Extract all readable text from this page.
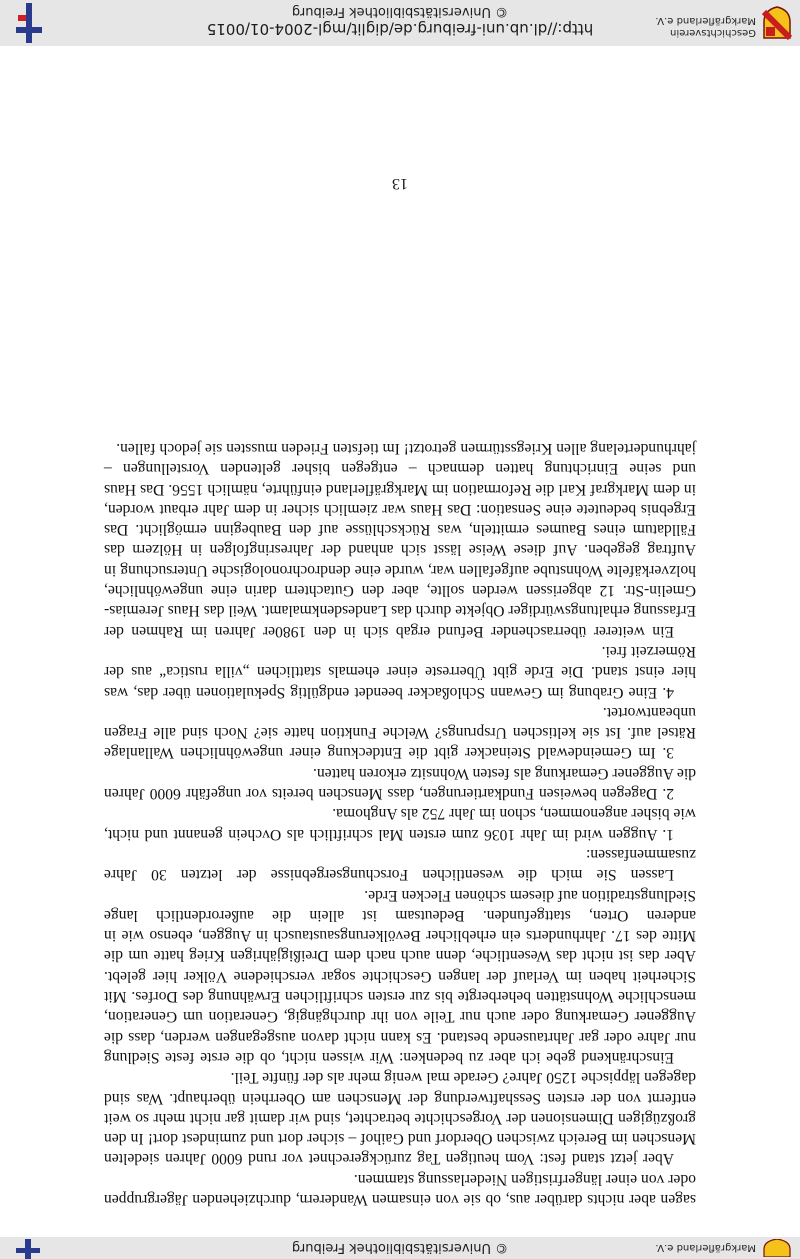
Geschichtsverein
Markgräflerland e.V.
http://dl.ub.uni-freiburg.de/diglit/mgl-2004-01/0015
© Universitätsbibliothek Freiburg
Markgräflerland e.V.
© Universitätsbibliothek Freiburg

sagen aber nichts darüber aus, ob sie von einsamen Wanderern, durchziehenden Jägergruppen oder von einer längerfristigen Niederlassung stammen.

Aber jetzt stand fest: Vom heutigen Tag zurückgerechnet vor rund 6000 Jahren siedelten Menschen im Bereich zwischen Oberdorf und Gaihof – sicher dort und zumindest dort! In den großzügigen Dimensionen der Vorgeschichte betrachtet, sind wir damit gar nicht mehr so weit entfernt von der ersten Sesshaftwerdung der Menschen am Oberrhein überhaupt. Was sind dagegen läppische 1250 Jahre? Gerade mal wenig mehr als der fünfte Teil.

Einschränkend gebe ich aber zu bedenken: Wir wissen nicht, ob die erste feste Siedlung nur Jahre oder gar Jahrtausende bestand. Es kann nicht davon ausgegangen werden, dass die Auggener Gemarkung oder auch nur Teile von ihr durchgängig, Generation um Generation, menschliche Wohnstätten beherbergte bis zur ersten schriftlichen Erwähnung des Dorfes. Mit Sicherheit haben im Verlauf der langen Geschichte sogar verschiedene Völker hier gelebt. Aber das ist nicht das Wesentliche, denn auch nach dem Dreißigjährigen Krieg hatte um die Mitte des 17. Jahrhunderts ein erheblicher Bevölkerungsaustausch in Auggen, ebenso wie in anderen Orten, stattgefunden. Bedeutsam ist allein die außerordentlich lange Siedlungstradition auf diesem schönen Flecken Erde.

Lassen Sie mich die wesentlichen Forschungsergebnisse der letzten 30 Jahre zusammenfassen:

1. Auggen wird im Jahr 1036 zum ersten Mal schriftlich als Ovchein genannt und nicht, wie bisher angenommen, schon im Jahr 752 als Anghoma.

2. Dagegen beweisen Fundkartierungen, dass Menschen bereits vor ungefähr 6000 Jahren die Auggener Gemarkung als festen Wohnsitz erkoren hatten.

3. Im Gemeindewald Steinacker gibt die Entdeckung einer ungewöhnlichen Wallanlage Rätsel auf. Ist sie keltischen Ursprungs? Welche Funktion hatte sie? Noch sind alle Fragen unbeantwortet.

4. Eine Grabung im Gewann Schloßacker beendet endgültig Spekulationen über das, was hier einst stand. Die Erde gibt Überreste einer ehemals stattlichen „villa rustica“ aus der Römerzeit frei.

Ein weiterer überraschender Befund ergab sich in den 1980er Jahren im Rahmen der Erfassung erhaltungswürdiger Objekte durch das Landesdenkmalamt. Weil das Haus Jeremias-Gmelin-Str. 12 abgerissen werden sollte, aber den Gutachtern darin eine ungewöhnliche, holzverkäfelte Wohnstube aufgefallen war, wurde eine dendrochronologische Untersuchung in Auftrag gegeben. Auf diese Weise lässt sich anhand der Jahresringfolgen in Hölzern das Fälldatum eines Baumes ermitteln, was Rückschlüsse auf den Baubeginn ermöglicht. Das Ergebnis bedeutete eine Sensation: Das Haus war ziemlich sicher in dem Jahr erbaut worden, in dem Markgraf Karl die Reformation im Markgräflerland einführte, nämlich 1556. Das Haus und seine Einrichtung hatten demnach – entgegen bisher geltenden Vorstellungen – jahrhundertelang allen Kriegsstürmen getrotzt! Im tiefsten Frieden mussten sie jedoch fallen.

13
